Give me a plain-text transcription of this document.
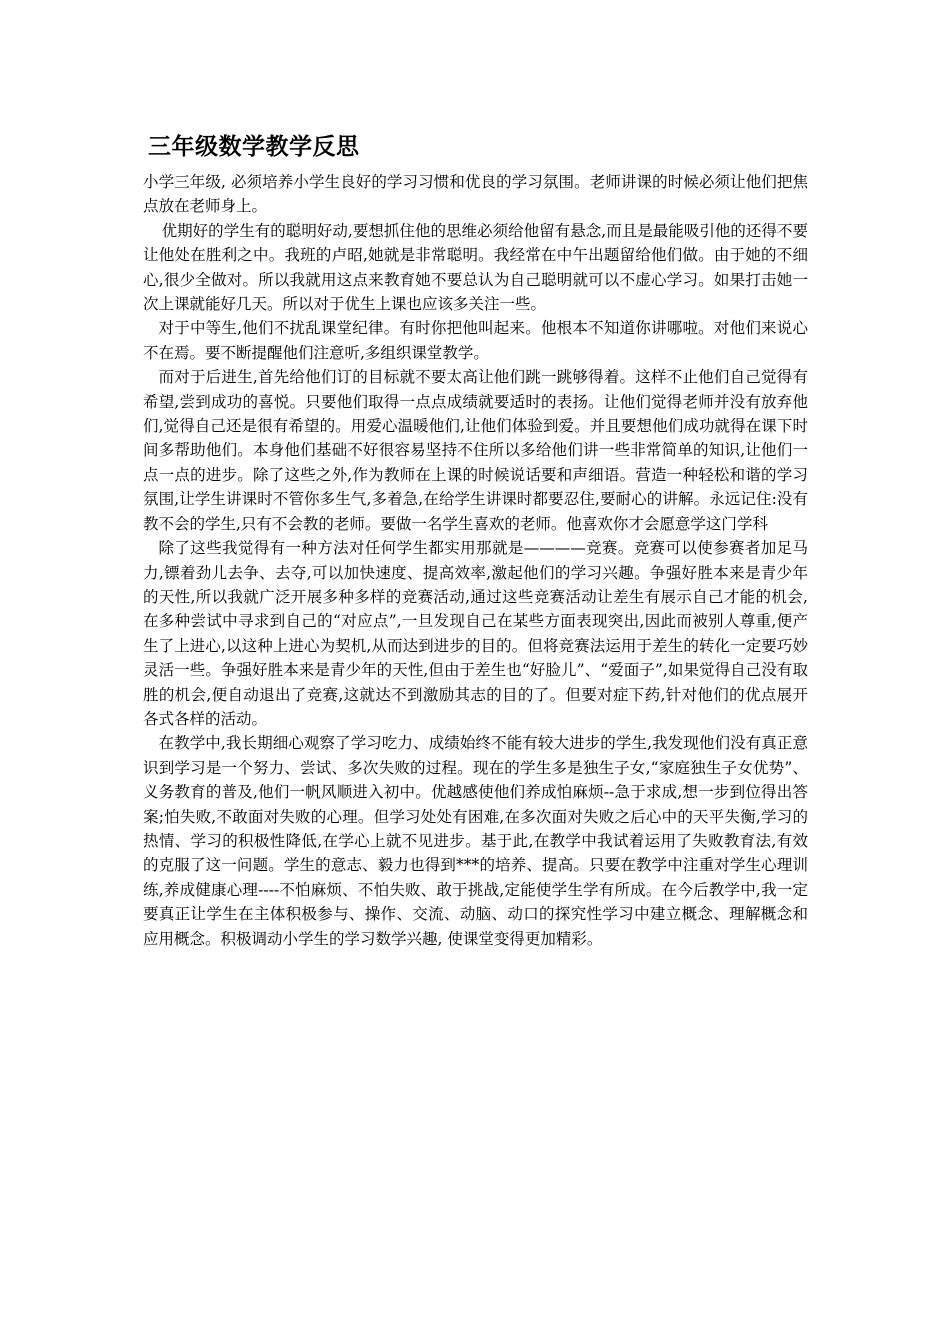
三年级数学教学反思

小学三年级, 必须培养小学生良好的学习习惯和优良的学习氛围。老师讲课的时候必须让他们把焦点放在老师身上。

优期好的学生有的聪明好动,要想抓住他的思维必须给他留有悬念,而且是最能吸引他的还得不要让他处在胜利之中。我班的卢昭,她就是非常聪明。我经常在中午出题留给他们做。由于她的不细心,很少全做对。所以我就用这点来教育她不要总认为自己聪明就可以不虚心学习。如果打击她一次上课就能好几天。所以对于优生上课也应该多关注一些。

对于中等生,他们不扰乱课堂纪律。有时你把他叫起来。他根本不知道你讲哪啦。对他们来说心不在焉。要不断提醒他们注意听,多组织课堂教学。

而对于后进生,首先给他们订的目标就不要太高让他们跳一跳够得着。这样不止他们自己觉得有希望,尝到成功的喜悦。只要他们取得一点点成绩就要适时的表扬。让他们觉得老师并没有放弃他们,觉得自己还是很有希望的。用爱心温暖他们,让他们体验到爱。并且要想他们成功就得在课下时间多帮助他们。本身他们基础不好很容易坚持不住所以多给他们讲一些非常简单的知识,让他们一点一点的进步。除了这些之外,作为教师在上课的时候说话要和声细语。营造一种轻松和谐的学习氛围,让学生讲课时不管你多生气,多着急,在给学生讲课时都要忍住,要耐心的讲解。永远记住:没有教不会的学生,只有不会教的老师。要做一名学生喜欢的老师。他喜欢你才会愿意学这门学科

除了这些我觉得有一种方法对任何学生都实用那就是————竞赛。竞赛可以使参赛者加足马力,镖着劲儿去争、去夺,可以加快速度、提高效率,激起他们的学习兴趣。争强好胜本来是青少年的天性,所以我就广泛开展多种多样的竞赛活动,通过这些竞赛活动让差生有展示自己才能的机会,在多种尝试中寻求到自己的“对应点”,一旦发现自己在某些方面表现突出,因此而被别人尊重,便产生了上进心,以这种上进心为契机,从而达到进步的目的。但将竞赛法运用于差生的转化一定要巧妙灵活一些。争强好胜本来是青少年的天性,但由于差生也“好脸儿”、“爱面子”,如果觉得自己没有取胜的机会,便自动退出了竞赛,这就达不到激励其志的目的了。但要对症下药,针对他们的优点展开各式各样的活动。

在教学中,我长期细心观察了学习吃力、成绩始终不能有较大进步的学生,我发现他们没有真正意识到学习是一个努力、尝试、多次失败的过程。现在的学生多是独生子女,“家庭独生子女优势”、义务教育的普及,他们一帆风顺进入初中。优越感使他们养成怕麻烦--急于求成,想一步到位得出答案;怕失败,不敢面对失败的心理。但学习处处有困难,在多次面对失败之后心中的天平失衡,学习的热情、学习的积极性降低,在学心上就不见进步。基于此,在教学中我试着运用了失败教育法,有效的克服了这一问题。学生的意志、毅力也得到***的培养、提高。只要在教学中注重对学生心理训练,养成健康心理----不怕麻烦、不怕失败、敢于挑战,定能使学生学有所成。在今后教学中,我一定要真正让学生在主体积极参与、操作、交流、动脑、动口的探究性学习中建立概念、理解概念和应用概念。积极调动小学生的学习数学兴趣, 使课堂变得更加精彩。
